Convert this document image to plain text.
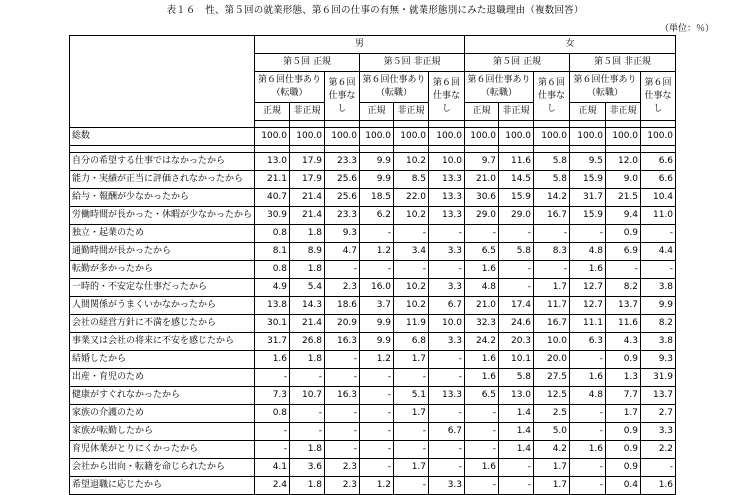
表１６　性、第５回の就業形態、第６回の仕事の有無・就業形態別にみた退職理由（複数回答）
（単位：％）
	男						女					
	第５回 正規			第５回 非正規			第５回 正規			第５回 非正規		
	第６回仕事あり（転職）		第６回仕事なし	第６回仕事あり（転職）		第６回仕事なし	第６回仕事あり（転職）		第６回仕事なし	第６回仕事あり（転職）		第６回仕事なし
	正規	非正規		正規	非正規		正規	非正規		正規	非正規	

総数	100.0	100.0	100.0	100.0	100.0	100.0	100.0	100.0	100.0	100.0	100.0	100.0

自分の希望する仕事ではなかったから	13.0	17.9	23.3	9.9	10.2	10.0	9.7	11.6	5.8	9.5	12.0	6.6
能力・実績が正当に評価されなかったから	21.1	17.9	25.6	9.9	8.5	13.3	21.0	14.5	5.8	15.9	9.0	6.6
給与・報酬が少なかったから	40.7	21.4	25.6	18.5	22.0	13.3	30.6	15.9	14.2	31.7	21.5	10.4
労働時間が長かった・休暇が少なかったから	30.9	21.4	23.3	6.2	10.2	13.3	29.0	29.0	16.7	15.9	9.4	11.0
独立・起業のため	0.8	1.8	9.3	-	-	-	-	-	-	-	0.9	-
通勤時間が長かったから	8.1	8.9	4.7	1.2	3.4	3.3	6.5	5.8	8.3	4.8	6.9	4.4
転勤が多かったから	0.8	1.8	-	-	-	-	1.6	-	-	1.6	-	-
一時的・不安定な仕事だったから	4.9	5.4	2.3	16.0	10.2	3.3	4.8	-	1.7	12.7	8.2	3.8
人間関係がうまくいかなかったから	13.8	14.3	18.6	3.7	10.2	6.7	21.0	17.4	11.7	12.7	13.7	9.9
会社の経営方針に不満を感じたから	30.1	21.4	20.9	9.9	11.9	10.0	32.3	24.6	16.7	11.1	11.6	8.2
事業又は会社の将来に不安を感じたから	31.7	26.8	16.3	9.9	6.8	3.3	24.2	20.3	10.0	6.3	4.3	3.8
結婚したから	1.6	1.8	-	1.2	1.7	-	1.6	10.1	20.0	-	0.9	9.3
出産・育児のため	-	-	-	-	-	-	1.6	5.8	27.5	1.6	1.3	31.9
健康がすぐれなかったから	7.3	10.7	16.3	-	5.1	13.3	6.5	13.0	12.5	4.8	7.7	13.7
家族の介護のため	0.8	-	-	-	1.7	-	-	1.4	2.5	-	1.7	2.7
家族が転勤したから	-	-	-	-	-	6.7	-	1.4	5.0	-	0.9	3.3
育児休業がとりにくかったから	-	1.8	-	-	-	-	-	1.4	4.2	1.6	0.9	2.2
会社から出向・転籍を命じられたから	4.1	3.6	2.3	-	1.7	-	1.6	-	1.7	-	0.9	-
希望退職に応じたから	2.4	1.8	2.3	1.2	-	3.3	-	-	1.7	-	0.4	1.6
